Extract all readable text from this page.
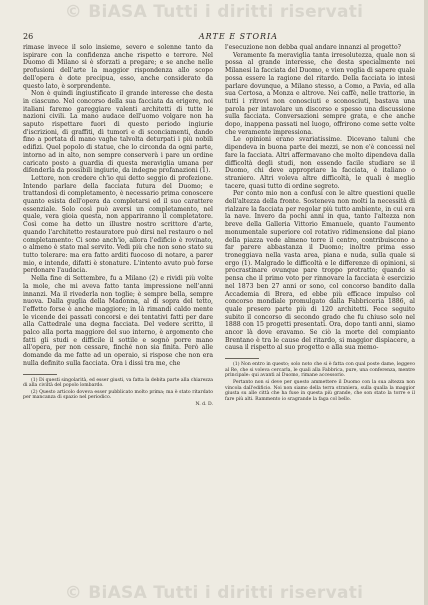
© BiASA Tutti i diritti riservati
26	ARTE E STORIA

rimase invece il solo insieme, severo e solenne tanto da ispirare con la confidenza anche rispetto e terrore. Nel Duomo di Milano si è sforzati a pregare; e se anche nelle profusioni dell'arte la maggior rispondenza allo scopo dell'opera è dote precipua, esso, anche considerato da questo lato, è sorprendente.

Non è quindi ingiustificato il grande interesse che desta in ciascuno. Nel concorso della sua facciata da erigere, noi italiani faremo gareggiare valenti architetti di tutte le nazioni civili. La mano audace dell'uomo volgare non ha saputo rispettare fuori di questo periodo ingiurie d'iscrizioni, di graffiti, di tumori e di sconciamenti, dando fino a portata di mano vaghe talvolta deturpati i più nobili edifizi. Quel popolo di statue, che lo circonda da ogni parte, intorno ad in alto, non sempre conserverà i pare un ordine caricato posto a guardia di questa meraviglia umana per difenderla da possibili ingiurie, da indegne profanazioni (1).

Lettore, non credere ch'io qui detto seggio di profezione. Intendo parlare della facciata futura del Duomo; e trattandosi di completamento, è necessario prima conoscere quanto esista dell'opera da completarsi ed il suo carattere essenziale. Solo così può aversi un completamento, nel quale, vera gioia questa, non appariranno il completatore. Così come ha detto un illustre nostro scrittore d'arte, quando l'architetto restauratore può dirsi nel restauro o nel completamento: Ci sono anch'io, allora l'edificio è rovinato, o almeno è stato mal servito. Vedi più che non sono stato su tutto tolerare: ma era fatto arditi fuocoso di notare, a parer mio, e intende, difatti è stonature. L'intento avuto può forse perdonare l'audacia.

Nella fine di Settembre, fu a Milano (2) e rividi più volte la mole, che mi aveva fatto tanta impressione nell'anni innanzi. Ma il rivederla non toglie; è sempre bella, sempre nuova. Dalla guglia della Madonna, al di sopra del tetto, l'effetto forse è anche maggiore; in là rimandi caldo mente le vicende dei passati concorsi e dei tentativi fatti per dare alla Cattedrale una degna facciata. Del vedere scritto, il palco alla porta maggiore del suo interno, è argomento che fatti gli studi e difficile il sottile e sognò porre mano all'opera, per non cessare, finché non sia finita. Però alle domande da me fatte ad un operaio, si rispose che non era nulla definito sulla facciata. Ora i dissi tra me, che

(1) Di questi singolarità, ed esser giusti, va fatta la debita parte alla chiarezza di alla civiltà del popolo lombardo.

(2) Questo articolo doveva esser pubblicato molto prima; ma è stato ritardato per mancanza di spazio nel periodico.

N. d. D.

l'esecuzione non debba qual andare innanzi al progetto?

Veramente fa meraviglia tanta irresolutezza, quale non si possa al grande interesse, che desta specialmente nei Milanesi la facciata del Duomo, e vien voglia di sapere quale possa essere la ragione del ritardo. Della facciata io intesi parlare dovunque, a Milano stesso, a Como, a Pavia, ed alla sua Certosa, a Monza e altrove. Nei caffè, nelle trattorie, in tutti i ritrovi non conosciuti e sconosciuti, bastava una parola per intavolare un discorso e spesso una discussione sulla facciata. Conversazioni sempre grata, e che anche dopo, inappena passati nel luogo, offrirono come sette volte che veramente impressiona.

Le opinioni erano svariatissime. Dicevano taluni che dipendeva in buona parte dei mezzi, se non e'è concessi nel fare la facciata. Altri affermavano che molto dipendeva dalla difficoltà degli studi, non essendo facile studiare se il Duomo, chi deve appropriare la facciata, è italiano o straniero. Altri voleva altre difficoltà, le quali è meglio tacere, quasi tutto di ordine segreto.

Per conto mio non a confusi con le altre questioni quelle dell'altezza della fronte. Sosteneva non molti la necessità di rialzare la facciata per regolar più tutto ambiente, in cui era la nave. Invero da pochi anni in qua, tanto l'altezza non breve della Galleria Vittorio Emanuele, quanto l'aumento monumentale superiore col rotativo ridimensione dal piano della piazza vede almeno torre il centro, contribuiscono a far parere abbastanza il Duomo; inoltre prima esso troneggiava nella vasta area, piana e nuda, sulla quale si ergo (1). Malgrado le difficoltà e le differenze di opinioni, si procrastinare ovunque pare troppo protratto; quando si pensa che il primo voto per rinnovare la facciata è esercizio nel 1873 ben 27 anni or sono, col concorso bandito dalla Accademia di Brera, ed ebbe più efficace impulso col concorso mondiale promulgato dalla Fabbriceria 1886, al quale presero parte più di 120 architetti. Fece seguito subito il concorso di secondo grado che fu chiuso solo nel 1888 con 15 progetti presentati. Ora, dopo tanti anni, siamo ancor là dove eravamo. Se ciò la morte del compianto Brentano è tra le cause del ritardo, si maggior dispiacere, a causa il rispetto al suo progetto e alla sua memo-

(1) Non entro in questo; solo noto che si è fatta con qual poste dame, leggevo al Re, che si voleva cercarla, le quali alla Fabbrica, pure, una conferenza, mentre principale: qui avanti al Duomo, rimane accessorio.

Pertanto non si deve per questo ammettere il Duomo con la sua altezza non vincola dall'edificio. Noi non siamo della terra straniera, sulla qualla la maggior giusta su alle città che ha fuse in questa più grande, che son stato la torre e il fare più alti. Rammento io sragrande la faga col bello.

© BiASA Tutti i diritti riservati
